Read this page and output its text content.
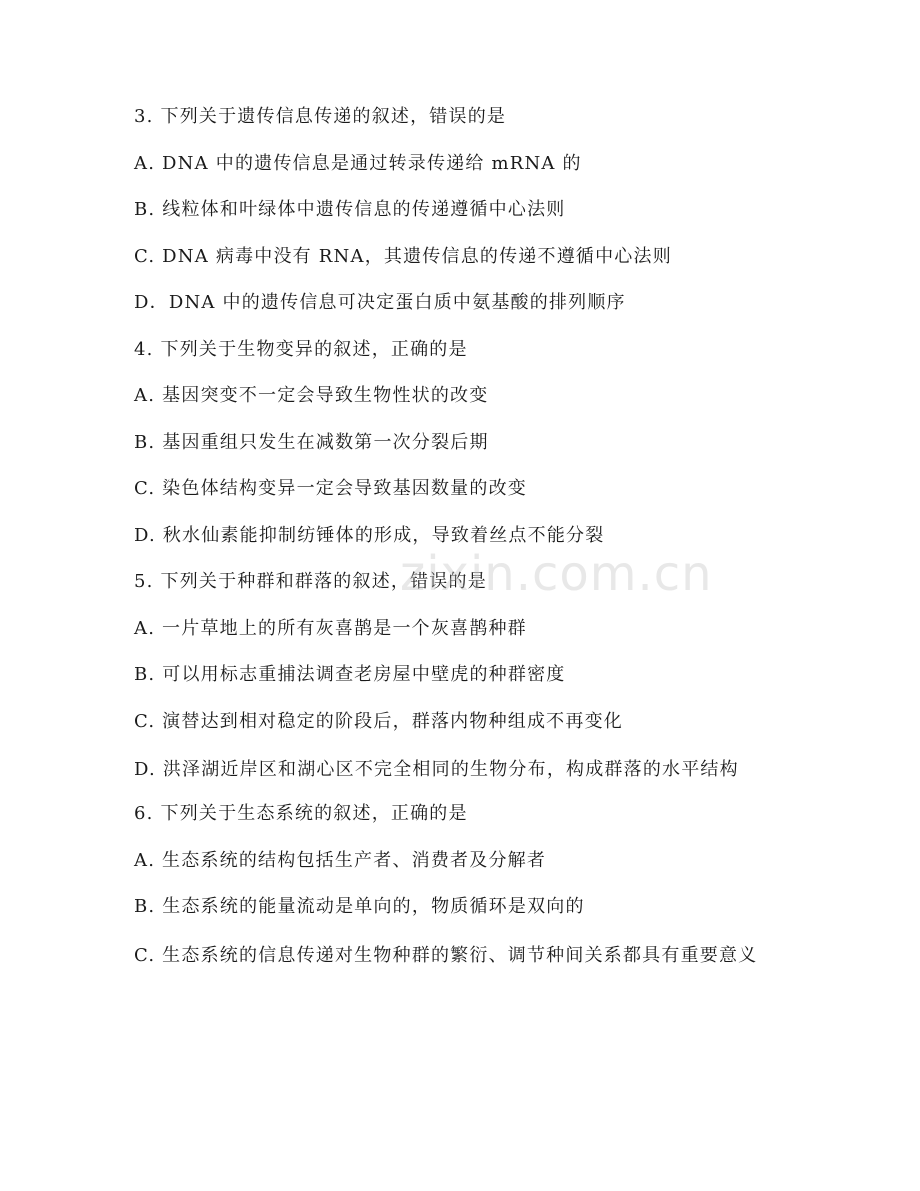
3. 下列关于遗传信息传递的叙述，错误的是
A. DNA 中的遗传信息是通过转录传递给 mRNA 的
B. 线粒体和叶绿体中遗传信息的传递遵循中心法则
C. DNA 病毒中没有 RNA，其遗传信息的传递不遵循中心法则
D．DNA 中的遗传信息可决定蛋白质中氨基酸的排列顺序
4. 下列关于生物变异的叙述，正确的是
A. 基因突变不一定会导致生物性状的改变
B. 基因重组只发生在减数第一次分裂后期
C. 染色体结构变异一定会导致基因数量的改变
D. 秋水仙素能抑制纺锤体的形成，导致着丝点不能分裂
5. 下列关于种群和群落的叙述，错误的是
A. 一片草地上的所有灰喜鹊是一个灰喜鹊种群
B. 可以用标志重捕法调查老房屋中壁虎的种群密度
C. 演替达到相对稳定的阶段后，群落内物种组成不再变化
D. 洪泽湖近岸区和湖心区不完全相同的生物分布，构成群落的水平结构
6. 下列关于生态系统的叙述，正确的是
A. 生态系统的结构包括生产者、消费者及分解者
B. 生态系统的能量流动是单向的，物质循环是双向的
C. 生态系统的信息传递对生物种群的繁衍、调节种间关系都具有重要意义
zixin.com.cn
